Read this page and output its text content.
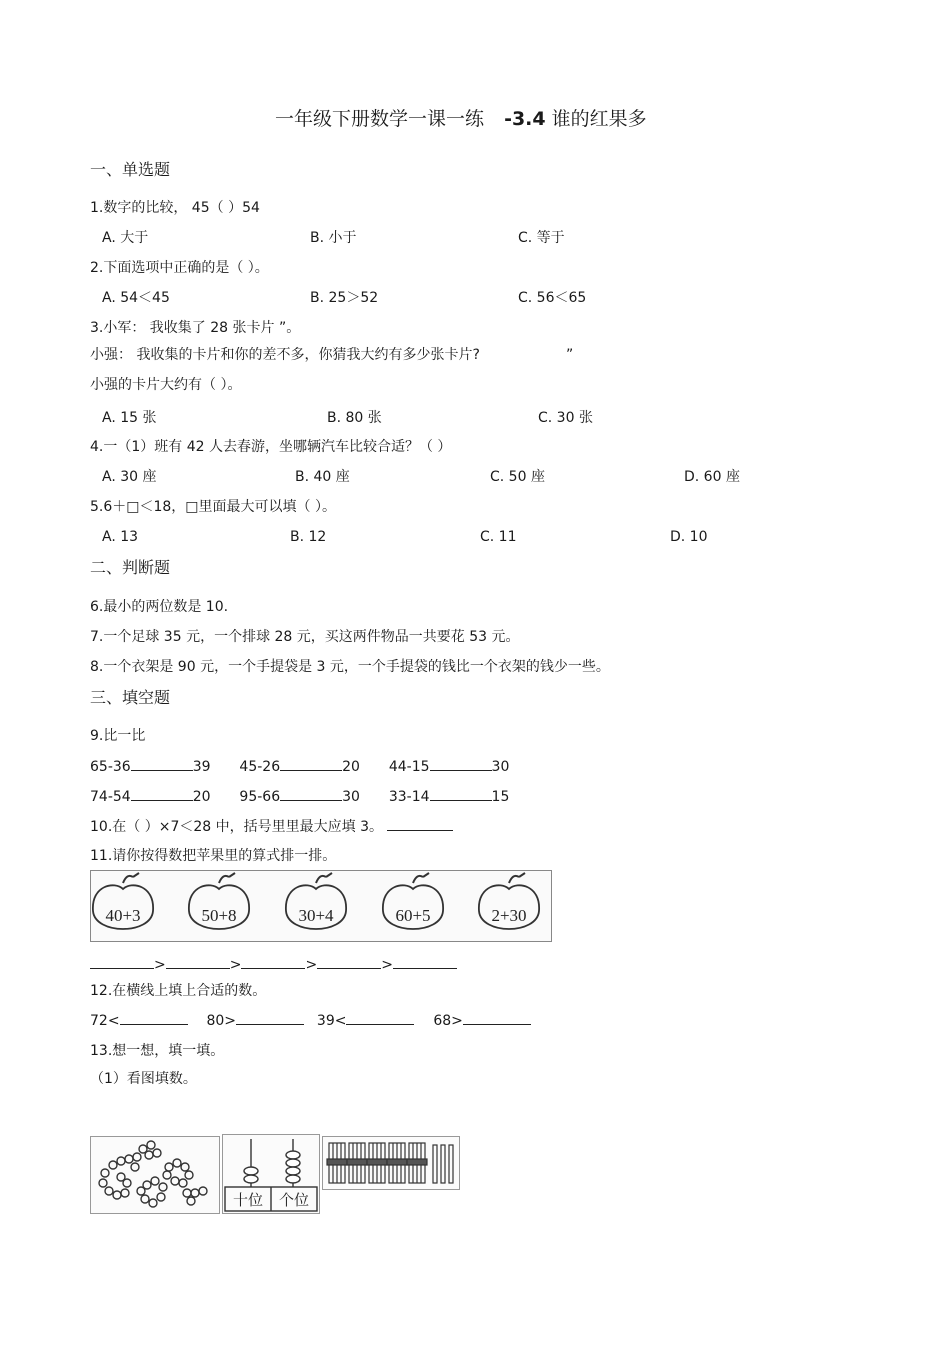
一年级下册数学一课一练 -3.4 谁的红果多
一、单选题
1.数字的比较， 45（ ）54
A. 大于	B. 小于	C. 等于
2.下面选项中正确的是（ ）。
A. 54＜45	B. 25＞52	C. 56＜65
3.小军： 我收集了 28 张卡片 ”。
小强： 我收集的卡片和你的差不多，你猜我大约有多少张卡片?	”
小强的卡片大约有（ ）。
A. 15 张	B. 80 张	C. 30 张
4.一（1）班有 42 人去春游，坐哪辆汽车比较合适？（ ）
A. 30 座	B. 40 座	C. 50 座	D. 60 座
5.6＋□＜18，□里面最大可以填（ ）。
A. 13	B. 12	C. 11	D. 10
二、判断题
6.最小的两位数是 10.
7.一个足球 35 元，一个排球 28 元，买这两件物品一共要花 53 元。
8.一个衣架是 90 元，一个手提袋是 3 元，一个手提袋的钱比一个衣架的钱少一些。
三、填空题
9.比一比
65-36	39 45-26	20 44-15	30
74-54	20 95-66	30 33-14	15
10.在（ ）×7＜28 中，括号里里最大应填 3。
11.请你按得数把苹果里的算式排一排。
40+3	50+8	30+4	60+5	2+30
>	>	>	>
12.在横线上填上合适的数。
72<	80>	39<	68>
13.想一想，填一填。
（1）看图填数。
十位 个位
